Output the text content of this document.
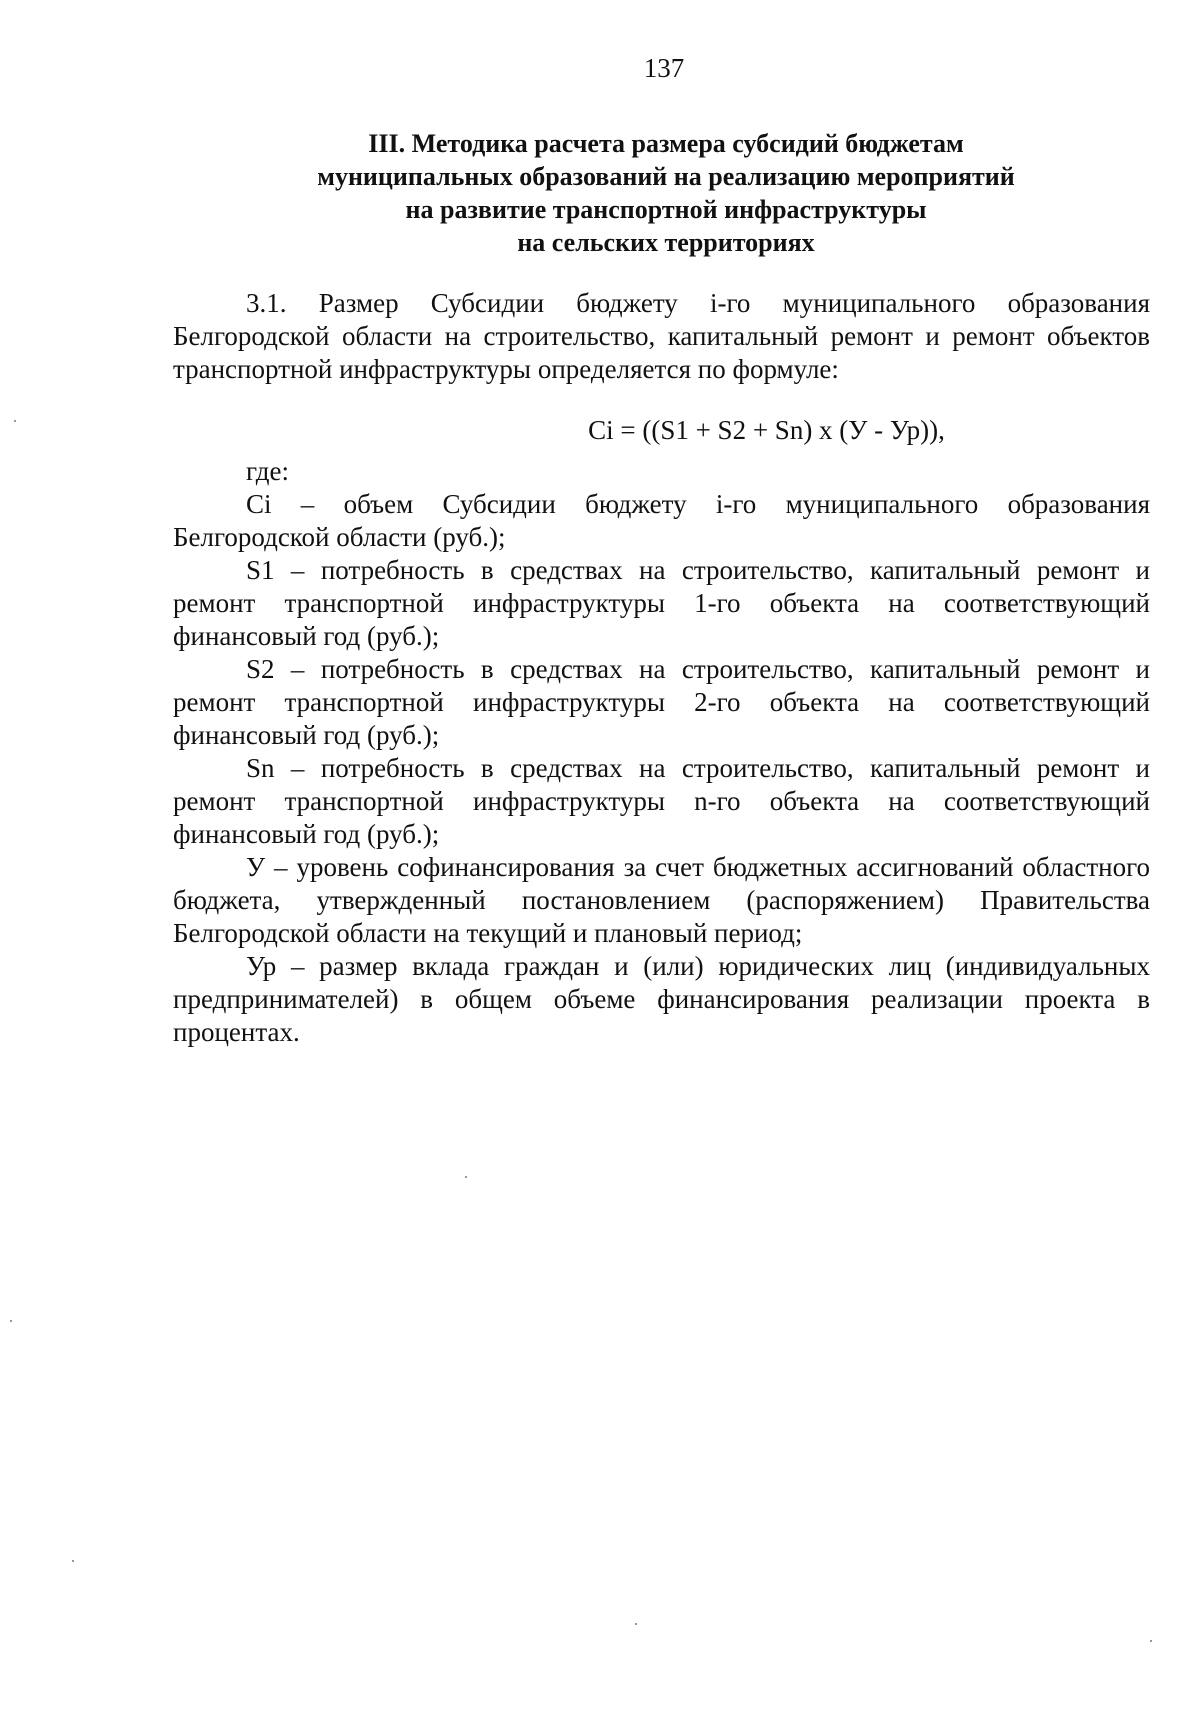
137
III. Методика расчета размера субсидий бюджетам
муниципальных образований на реализацию мероприятий
на развитие транспортной инфраструктуры
на сельских территориях

3.1. Размер Субсидии бюджету i-го муниципального образования Белгородской области на строительство, капитальный ремонт и ремонт объектов транспортной инфраструктуры определяется по формуле:

Ci = ((S1 + S2 + Sn) x (У - Ур)),

где:

Ci – объем Субсидии бюджету i-го муниципального образования Белгородской области (руб.);

S1 – потребность в средствах на строительство, капитальный ремонт и ремонт транспортной инфраструктуры 1-го объекта на соответствующий финансовый год (руб.);

S2 – потребность в средствах на строительство, капитальный ремонт и ремонт транспортной инфраструктуры 2-го объекта на соответствующий финансовый год (руб.);

Sn – потребность в средствах на строительство, капитальный ремонт и ремонт транспортной инфраструктуры n-го объекта на соответствующий финансовый год (руб.);

У – уровень софинансирования за счет бюджетных ассигнований областного бюджета, утвержденный постановлением (распоряжением) Правительства Белгородской области на текущий и плановый период;

Ур – размер вклада граждан и (или) юридических лиц (индивидуальных предпринимателей) в общем объеме финансирования реализации проекта в процентах.
